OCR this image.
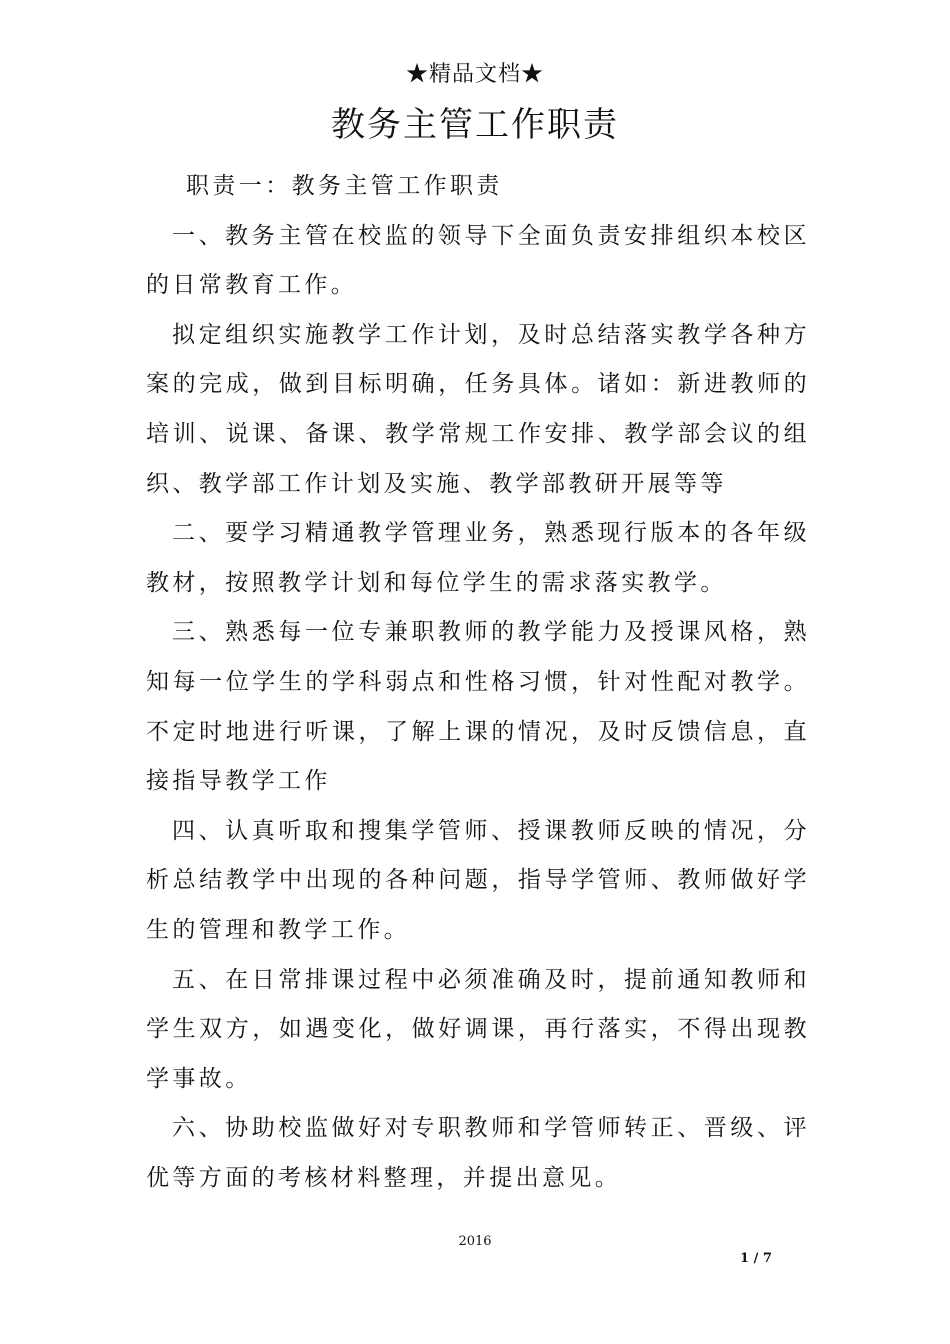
★精品文档★
教务主管工作职责

职责一：教务主管工作职责

一、教务主管在校监的领导下全面负责安排组织本校区的日常教育工作。

拟定组织实施教学工作计划，及时总结落实教学各种方案的完成，做到目标明确，任务具体。诸如：新进教师的培训、说课、备课、教学常规工作安排、教学部会议的组织、教学部工作计划及实施、教学部教研开展等等

二、要学习精通教学管理业务，熟悉现行版本的各年级教材，按照教学计划和每位学生的需求落实教学。

三、熟悉每一位专兼职教师的教学能力及授课风格，熟知每一位学生的学科弱点和性格习惯，针对性配对教学。不定时地进行听课，了解上课的情况，及时反馈信息，直接指导教学工作

四、认真听取和搜集学管师、授课教师反映的情况，分析总结教学中出现的各种问题，指导学管师、教师做好学生的管理和教学工作。

五、在日常排课过程中必须准确及时，提前通知教师和学生双方，如遇变化，做好调课，再行落实，不得出现教学事故。

六、协助校监做好对专职教师和学管师转正、晋级、评优等方面的考核材料整理，并提出意见。

2016
1 / 7
